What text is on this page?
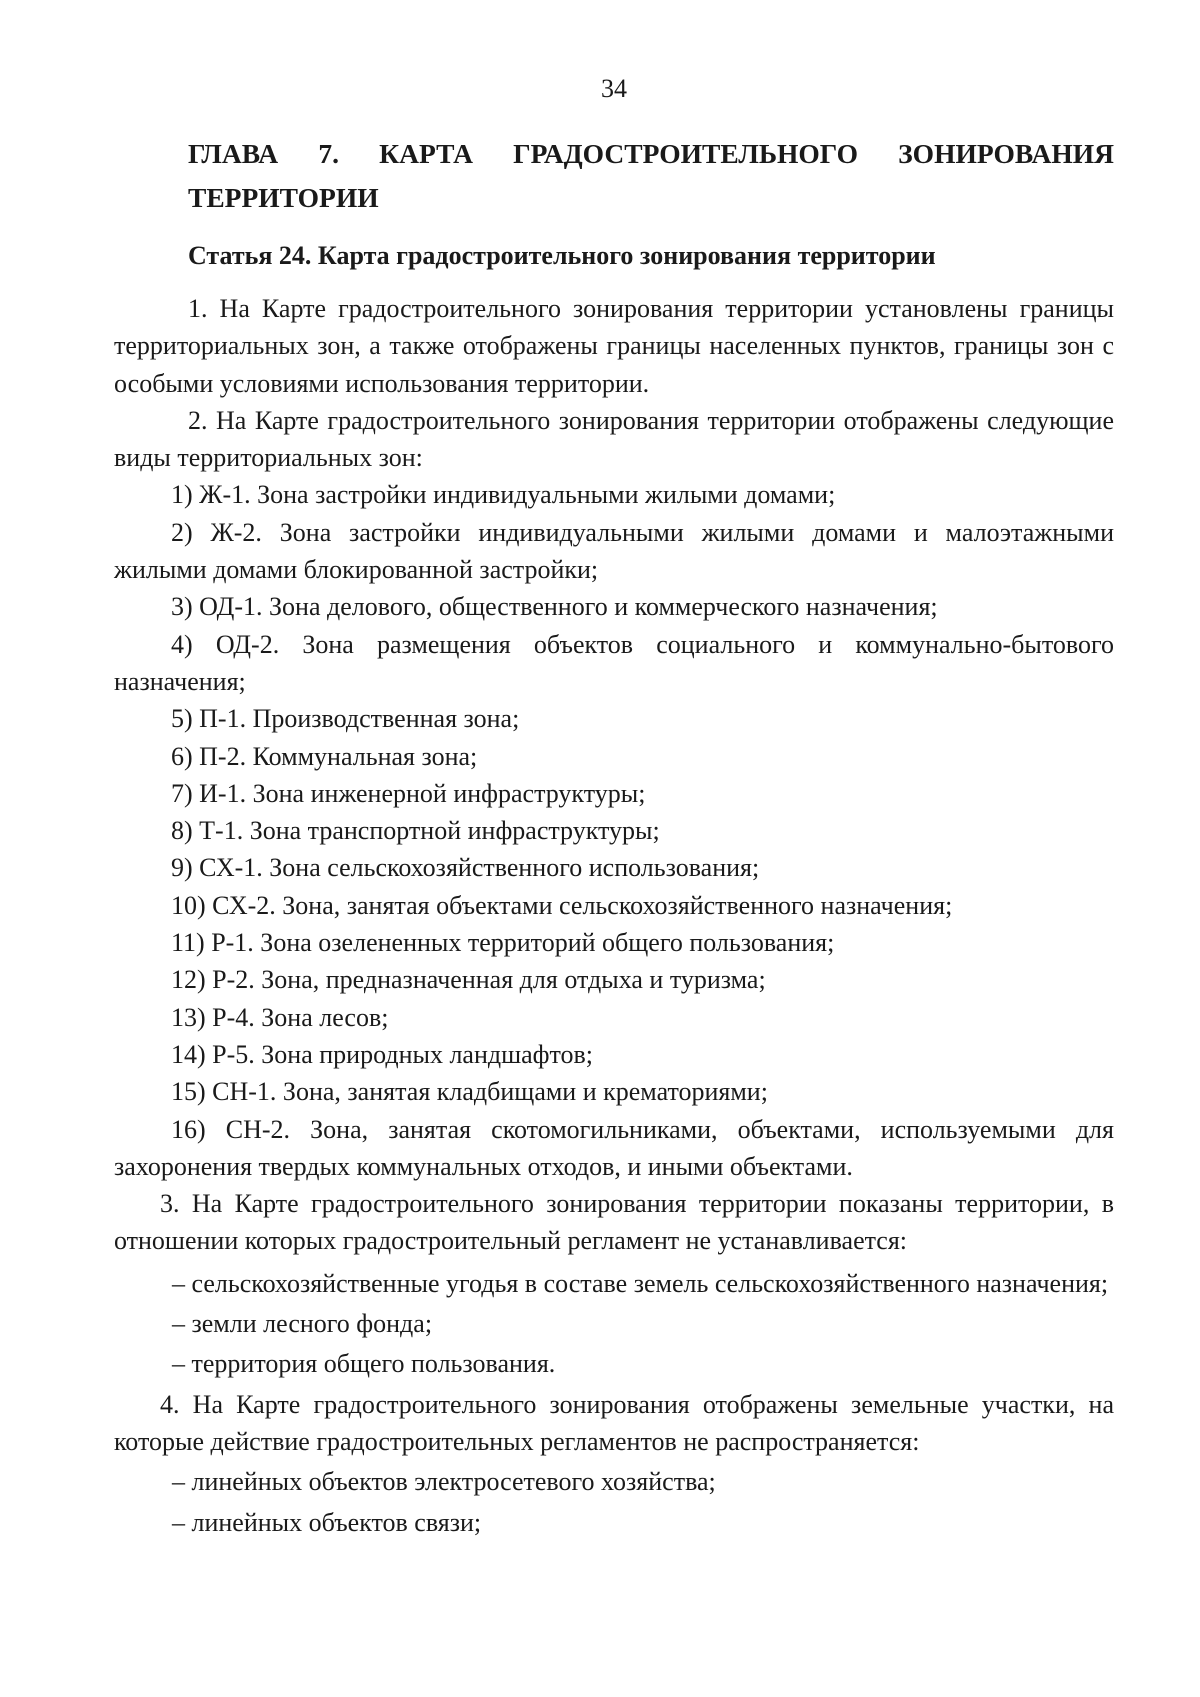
34
ГЛАВА 7. КАРТА ГРАДОСТРОИТЕЛЬНОГО ЗОНИРОВАНИЯ
ТЕРРИТОРИИ
Статья 24. Карта градостроительного зонирования территории

1. На Карте градостроительного зонирования территории установлены границы территориальных зон, а также отображены границы населенных пунктов, границы зон с особыми условиями использования территории.

2. На Карте градостроительного зонирования территории отображены следующие виды территориальных зон:

1) Ж-1. Зона застройки индивидуальными жилыми домами;

2) Ж-2. Зона застройки индивидуальными жилыми домами и малоэтажными жилыми домами блокированной застройки;

3) ОД-1. Зона делового, общественного и коммерческого назначения;

4) ОД-2. Зона размещения объектов социального и коммунально-бытового назначения;

5) П-1. Производственная зона;

6) П-2. Коммунальная зона;

7) И-1. Зона инженерной инфраструктуры;

8) Т-1. Зона транспортной инфраструктуры;

9) СХ-1. Зона сельскохозяйственного использования;

10) СХ-2. Зона, занятая объектами сельскохозяйственного назначения;

11) Р-1. Зона озелененных территорий общего пользования;

12) Р-2. Зона, предназначенная для отдыха и туризма;

13) Р-4. Зона лесов;

14) Р-5. Зона природных ландшафтов;

15) СН-1. Зона, занятая кладбищами и крематориями;

16) СН-2. Зона, занятая скотомогильниками, объектами, используемыми для захоронения твердых коммунальных отходов, и иными объектами.

3. На Карте градостроительного зонирования территории показаны территории, в отношении которых градостроительный регламент не устанавливается:

– сельскохозяйственные угодья в составе земель сельскохозяйственного назначения;

– земли лесного фонда;

– территория общего пользования.

4. На Карте градостроительного зонирования отображены земельные участки, на которые действие градостроительных регламентов не распространяется:

– линейных объектов электросетевого хозяйства;

– линейных объектов связи;
